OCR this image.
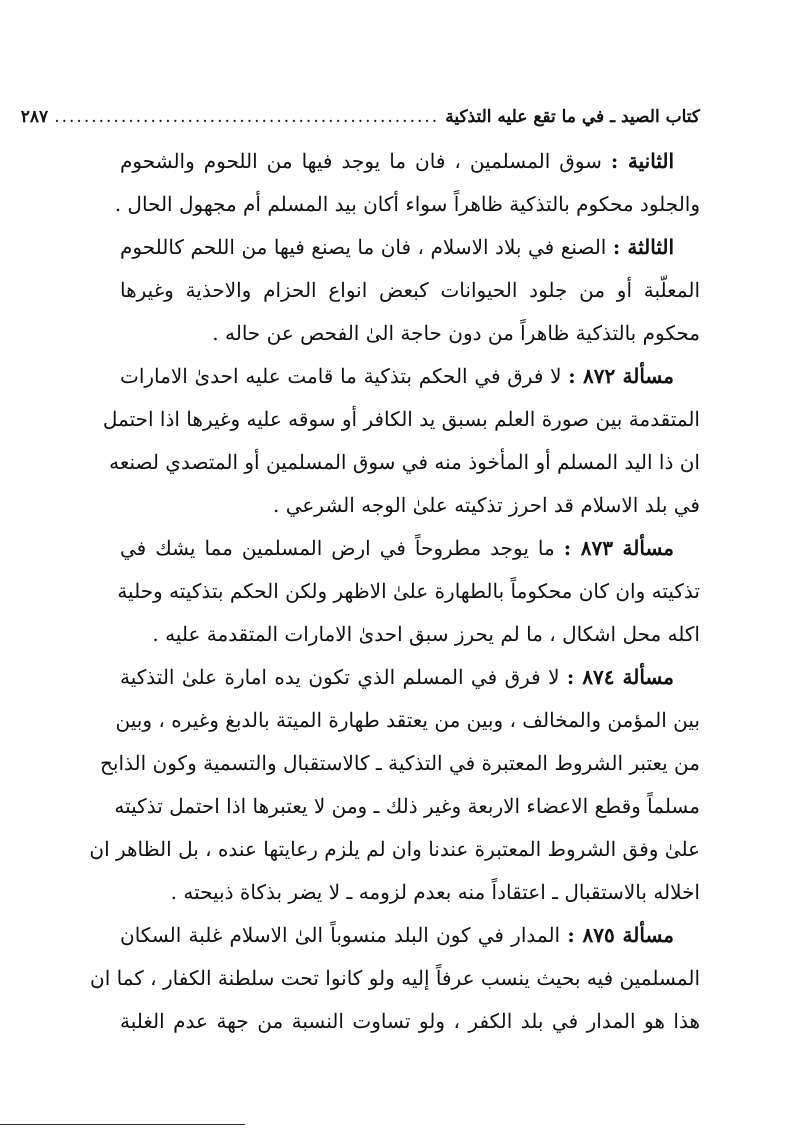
كتاب الصيد ـ في ما تقع عليه التذكية
....................................................
٢٨٧
الثانية : سوق المسلمين ، فان ما يوجد فيها من اللحوم والشحوم
والجلود محكوم بالتذكية ظاهراً سواء أكان بيد المسلم أم مجهول الحال .
الثالثة : الصنع في بلاد الاسلام ، فان ما يصنع فيها من اللحم كاللحوم
المعلّبة أو من جلود الحيوانات كبعض انواع الحزام والاحذية وغيرها
محكوم بالتذكية ظاهراً من دون حاجة الىٰ الفحص عن حاله .
مسألة ٨٧٢ : لا فرق في الحكم بتذكية ما قامت عليه احدىٰ الامارات
المتقدمة بين صورة العلم بسبق يد الكافر أو سوقه عليه وغيرها اذا احتمل
ان ذا اليد المسلم أو المأخوذ منه في سوق المسلمين أو المتصدي لصنعه
في بلد الاسلام قد احرز تذكيته علىٰ الوجه الشرعي .
مسألة ٨٧٣ : ما يوجد مطروحاً في ارض المسلمين مما يشك في
تذكيته وان كان محكوماً بالطهارة علىٰ الاظهر ولكن الحكم بتذكيته وحلية
اكله محل اشكال ، ما لم يحرز سبق احدىٰ الامارات المتقدمة عليه .
مسألة ٨٧٤ : لا فرق في المسلم الذي تكون يده امارة علىٰ التذكية
بين المؤمن والمخالف ، وبين من يعتقد طهارة الميتة بالدبغ وغيره ، وبين
من يعتبر الشروط المعتبرة في التذكية ـ كالاستقبال والتسمية وكون الذابح
مسلماً وقطع الاعضاء الاربعة وغير ذلك ـ ومن لا يعتبرها اذا احتمل تذكيته
علىٰ وفق الشروط المعتبرة عندنا وان لم يلزم رعايتها عنده ، بل الظاهر ان
اخلاله بالاستقبال ـ اعتقاداً منه بعدم لزومه ـ لا يضر بذكاة ذبيحته .
مسألة ٨٧٥ : المدار في كون البلد منسوباً الىٰ الاسلام غلبة السكان
المسلمين فيه بحيث ينسب عرفاً إليه ولو كانوا تحت سلطنة الكفار ، كما ان
هذا هو المدار في بلد الكفر ، ولو تساوت النسبة من جهة عدم الغلبة
